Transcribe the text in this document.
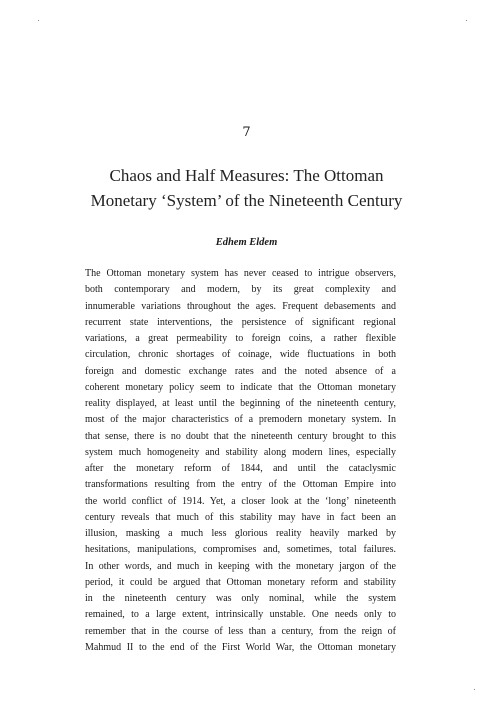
7
Chaos and Half Measures: The Ottoman
Monetary ‘System’ of the Nineteenth Century
Edhem Eldem
The Ottoman monetary system has never ceased to intrigue observers,
both contemporary and modern, by its great complexity and
innumerable variations throughout the ages. Frequent debasements and
recurrent state interventions, the persistence of significant regional
variations, a great permeability to foreign coins, a rather flexible
circulation, chronic shortages of coinage, wide fluctuations in both
foreign and domestic exchange rates and the noted absence of a
coherent monetary policy seem to indicate that the Ottoman monetary
reality displayed, at least until the beginning of the nineteenth century,
most of the major characteristics of a premodern monetary system. In
that sense, there is no doubt that the nineteenth century brought to this
system much homogeneity and stability along modern lines, especially
after the monetary reform of 1844, and until the cataclysmic
transformations resulting from the entry of the Ottoman Empire into
the world conflict of 1914. Yet, a closer look at the ‘long’ nineteenth
century reveals that much of this stability may have in fact been an
illusion, masking a much less glorious reality heavily marked by
hesitations, manipulations, compromises and, sometimes, total failures.
In other words, and much in keeping with the monetary jargon of the
period, it could be argued that Ottoman monetary reform and stability
in the nineteenth century was only nominal, while the system
remained, to a large extent, intrinsically unstable. One needs only to
remember that in the course of less than a century, from the reign of
Mahmud II to the end of the First World War, the Ottoman monetary
